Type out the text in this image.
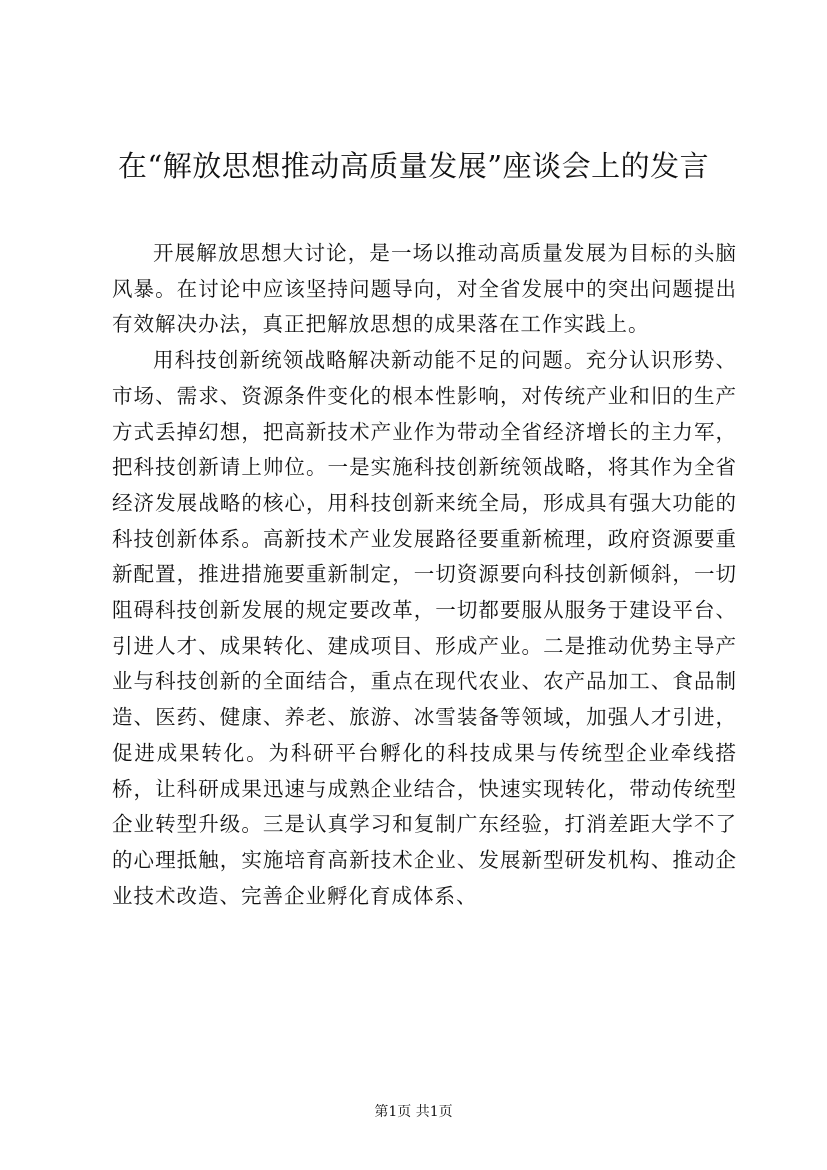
在“解放思想推动高质量发展”座谈会上的发言

开展解放思想大讨论，是一场以推动高质量发展为目标的头脑风暴。在讨论中应该坚持问题导向，对全省发展中的突出问题提出有效解决办法，真正把解放思想的成果落在工作实践上。

用科技创新统领战略解决新动能不足的问题。充分认识形势、市场、需求、资源条件变化的根本性影响，对传统产业和旧的生产方式丢掉幻想，把高新技术产业作为带动全省经济增长的主力军，把科技创新请上帅位。一是实施科技创新统领战略，将其作为全省经济发展战略的核心，用科技创新来统全局，形成具有强大功能的科技创新体系。高新技术产业发展路径要重新梳理，政府资源要重新配置，推进措施要重新制定，一切资源要向科技创新倾斜，一切阻碍科技创新发展的规定要改革，一切都要服从服务于建设平台、引进人才、成果转化、建成项目、形成产业。二是推动优势主导产业与科技创新的全面结合，重点在现代农业、农产品加工、食品制造、医药、健康、养老、旅游、冰雪装备等领域，加强人才引进，促进成果转化。为科研平台孵化的科技成果与传统型企业牵线搭桥，让科研成果迅速与成熟企业结合，快速实现转化，带动传统型企业转型升级。三是认真学习和复制广东经验，打消差距大学不了的心理抵触，实施培育高新技术企业、发展新型研发机构、推动企业技术改造、完善企业孵化育成体系、

第1页 共1页
